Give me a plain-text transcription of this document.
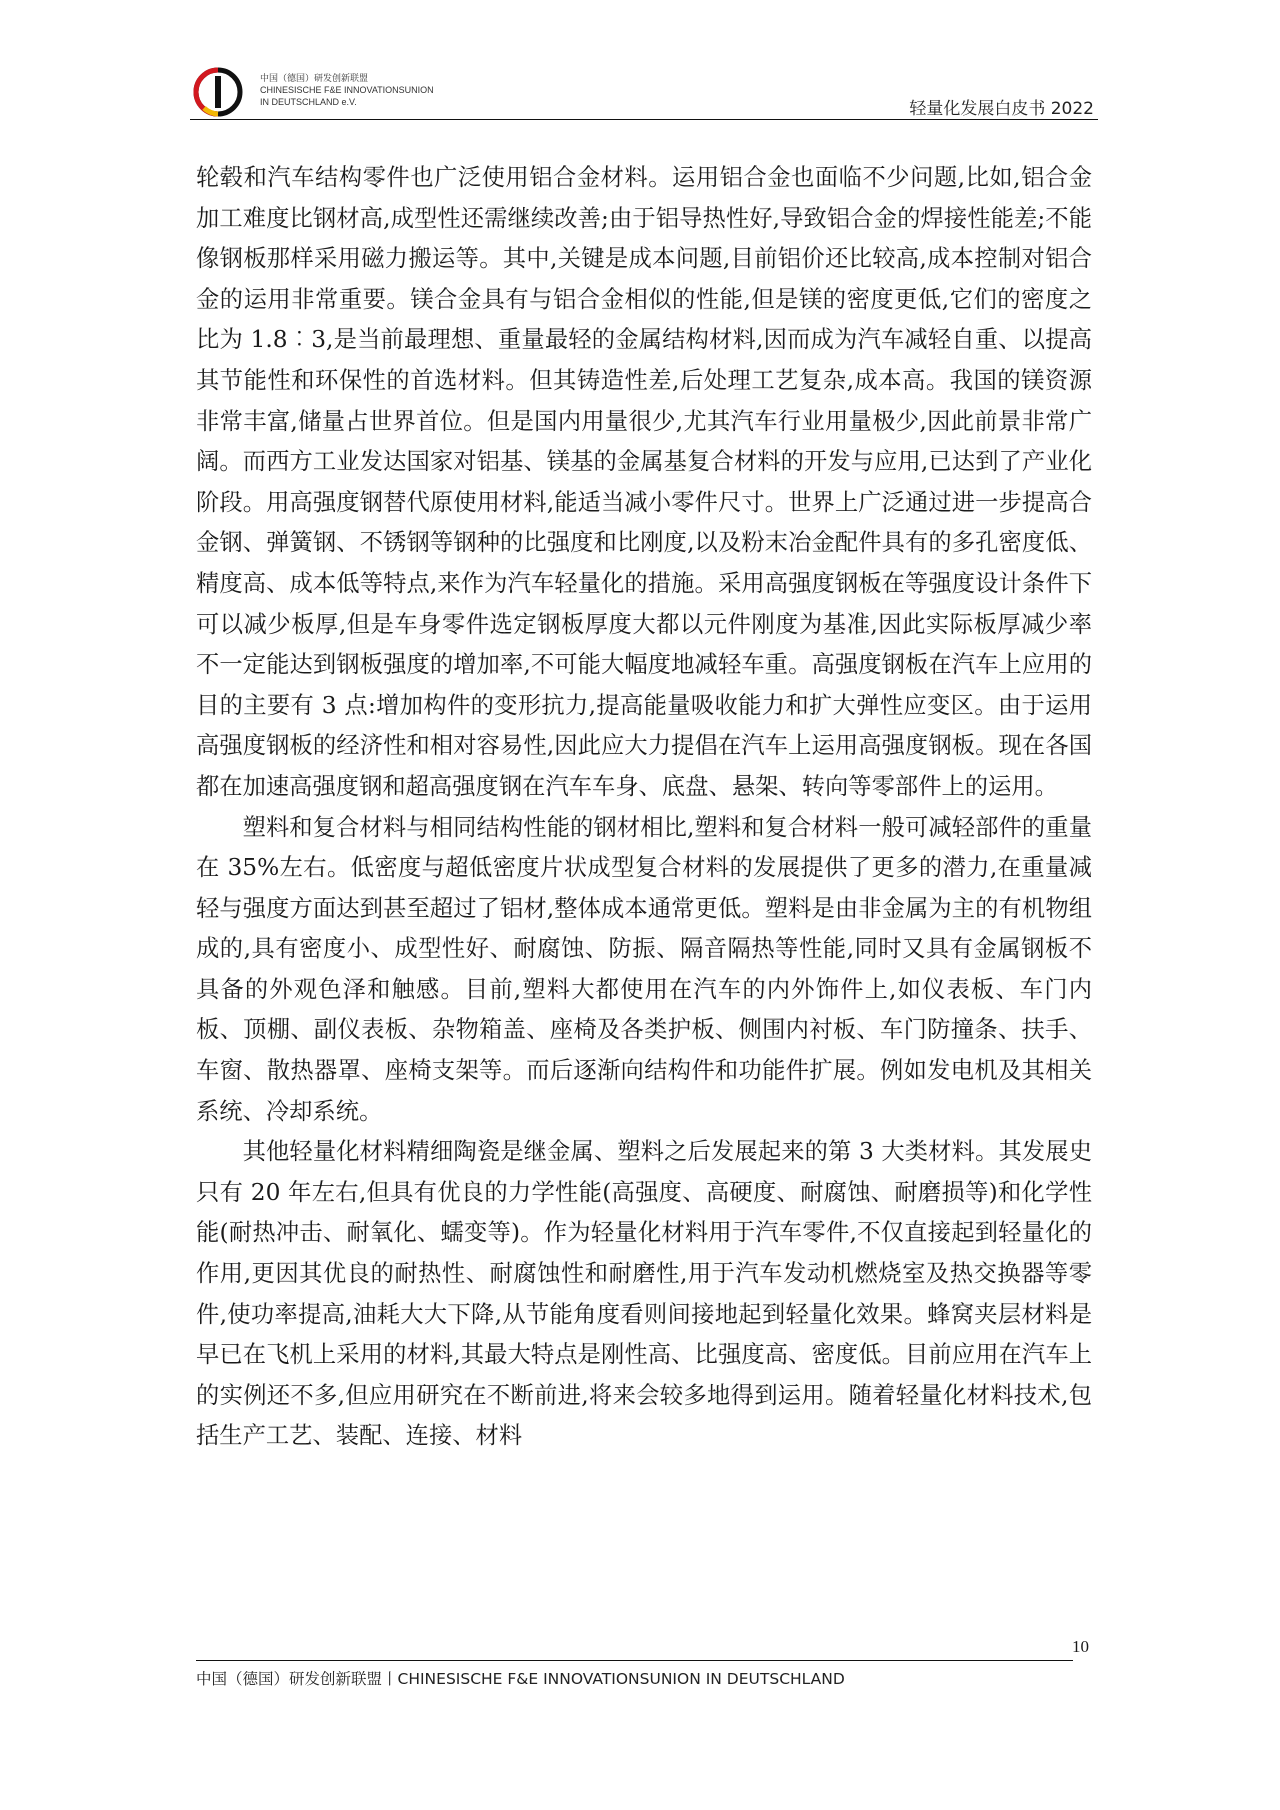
中国（德国）研发创新联盟
CHINESISCHE F&E INNOVATIONSUNION
IN DEUTSCHLAND e.V.	轻量化发展白皮书 2022

轮毂和汽车结构零件也广泛使用铝合金材料。运用铝合金也面临不少问题,比如,铝合金加工难度比钢材高,成型性还需继续改善;由于铝导热性好,导致铝合金的焊接性能差;不能像钢板那样采用磁力搬运等。其中,关键是成本问题,目前铝价还比较高,成本控制对铝合金的运用非常重要。镁合金具有与铝合金相似的性能,但是镁的密度更低,它们的密度之比为 1.8︰3,是当前最理想、重量最轻的金属结构材料,因而成为汽车减轻自重、以提高其节能性和环保性的首选材料。但其铸造性差,后处理工艺复杂,成本高。我国的镁资源非常丰富,储量占世界首位。但是国内用量很少,尤其汽车行业用量极少,因此前景非常广阔。而西方工业发达国家对铝基、镁基的金属基复合材料的开发与应用,已达到了产业化阶段。用高强度钢替代原使用材料,能适当减小零件尺寸。世界上广泛通过进一步提高合金钢、弹簧钢、不锈钢等钢种的比强度和比刚度,以及粉末冶金配件具有的多孔密度低、精度高、成本低等特点,来作为汽车轻量化的措施。采用高强度钢板在等强度设计条件下可以减少板厚,但是车身零件选定钢板厚度大都以元件刚度为基准,因此实际板厚减少率不一定能达到钢板强度的增加率,不可能大幅度地减轻车重。高强度钢板在汽车上应用的目的主要有 3 点:增加构件的变形抗力,提高能量吸收能力和扩大弹性应变区。由于运用高强度钢板的经济性和相对容易性,因此应大力提倡在汽车上运用高强度钢板。现在各国都在加速高强度钢和超高强度钢在汽车车身、底盘、悬架、转向等零部件上的运用。

塑料和复合材料与相同结构性能的钢材相比,塑料和复合材料一般可减轻部件的重量在 35%左右。低密度与超低密度片状成型复合材料的发展提供了更多的潜力,在重量减轻与强度方面达到甚至超过了铝材,整体成本通常更低。塑料是由非金属为主的有机物组成的,具有密度小、成型性好、耐腐蚀、防振、隔音隔热等性能,同时又具有金属钢板不具备的外观色泽和触感。目前,塑料大都使用在汽车的内外饰件上,如仪表板、车门内板、顶棚、副仪表板、杂物箱盖、座椅及各类护板、侧围内衬板、车门防撞条、扶手、车窗、散热器罩、座椅支架等。而后逐渐向结构件和功能件扩展。例如发电机及其相关系统、冷却系统。

其他轻量化材料精细陶瓷是继金属、塑料之后发展起来的第 3 大类材料。其发展史只有 20 年左右,但具有优良的力学性能(高强度、高硬度、耐腐蚀、耐磨损等)和化学性能(耐热冲击、耐氧化、蠕变等)。作为轻量化材料用于汽车零件,不仅直接起到轻量化的作用,更因其优良的耐热性、耐腐蚀性和耐磨性,用于汽车发动机燃烧室及热交换器等零件,使功率提高,油耗大大下降,从节能角度看则间接地起到轻量化效果。蜂窝夹层材料是早已在飞机上采用的材料,其最大特点是刚性高、比强度高、密度低。目前应用在汽车上的实例还不多,但应用研究在不断前进,将来会较多地得到运用。随着轻量化材料技术,包括生产工艺、装配、连接、材料

10
中国（德国）研发创新联盟丨CHINESISCHE F&E INNOVATIONSUNION IN DEUTSCHLAND
